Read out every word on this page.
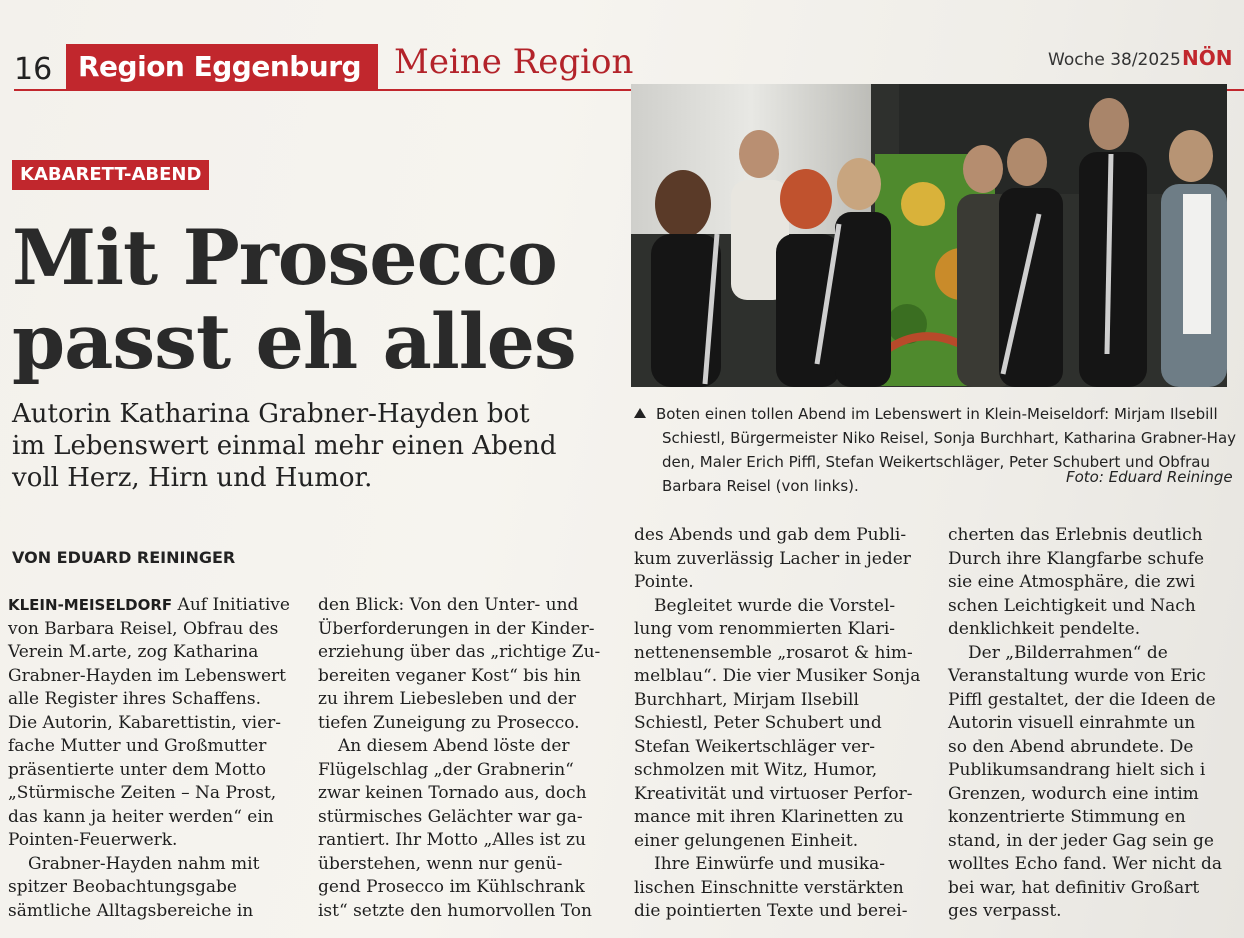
16 Region Eggenburg Meine Region	Woche 38/2025 NÖN
KABARETT-ABEND
Mit Prosecco
passt eh alles
Autorin Katharina Grabner-Hayden bot
im Lebenswert einmal mehr einen Abend
voll Herz, Hirn und Humor.
VON EDUARD REININGER
Boten einen tollen Abend im Lebenswert in Klein-Meiseldorf: Mirjam Ilsebill
Schiestl, Bürgermeister Niko Reisel, Sonja Burchhart, Katharina Grabner-Hay
den, Maler Erich Piffl, Stefan Weikertschläger, Peter Schubert und Obfrau
Barbara Reisel (von links).	Foto: Eduard Reininge
KLEIN-MEISELDORF Auf Initiative
von Barbara Reisel, Obfrau des
Verein M.arte, zog Katharina
Grabner-Hayden im Lebenswert
alle Register ihres Schaffens.
Die Autorin, Kabarettistin, vier-
fache Mutter und Großmutter
präsentierte unter dem Motto
„Stürmische Zeiten – Na Prost,
das kann ja heiter werden“ ein
Pointen-Feuerwerk.
Grabner-Hayden nahm mit
spitzer Beobachtungsgabe
sämtliche Alltagsbereiche in
den Blick: Von den Unter- und
Überforderungen in der Kinder-
erziehung über das „richtige Zu-
bereiten veganer Kost“ bis hin
zu ihrem Liebesleben und der
tiefen Zuneigung zu Prosecco.
An diesem Abend löste der
Flügelschlag „der Grabnerin“
zwar keinen Tornado aus, doch
stürmisches Gelächter war ga-
rantiert. Ihr Motto „Alles ist zu
überstehen, wenn nur genü-
gend Prosecco im Kühlschrank
ist“ setzte den humorvollen Ton
des Abends und gab dem Publi-
kum zuverlässig Lacher in jeder
Pointe.
Begleitet wurde die Vorstel-
lung vom renommierten Klari-
nettenensemble „rosarot & him-
melblau“. Die vier Musiker Sonja
Burchhart, Mirjam Ilsebill
Schiestl, Peter Schubert und
Stefan Weikertschläger ver-
schmolzen mit Witz, Humor,
Kreativität und virtuoser Perfor-
mance mit ihren Klarinetten zu
einer gelungenen Einheit.
Ihre Einwürfe und musika-
lischen Einschnitte verstärkten
die pointierten Texte und berei-
cherten das Erlebnis deutlich
Durch ihre Klangfarbe schufe
sie eine Atmosphäre, die zwi
schen Leichtigkeit und Nach
denklichkeit pendelte.
Der „Bilderrahmen“ de
Veranstaltung wurde von Eric
Piffl gestaltet, der die Ideen de
Autorin visuell einrahmte un
so den Abend abrundete. De
Publikumsandrang hielt sich i
Grenzen, wodurch eine intim
konzentrierte Stimmung en
stand, in der jeder Gag sein ge
wolltes Echo fand. Wer nicht da
bei war, hat definitiv Großart
ges verpasst.
